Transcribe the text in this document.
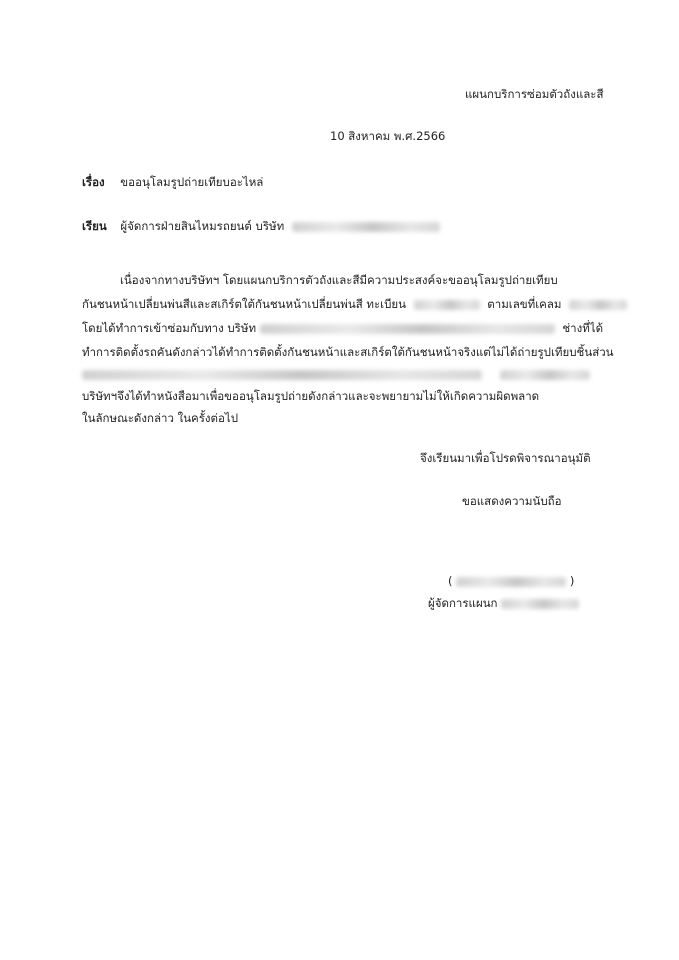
แผนกบริการซ่อมตัวถังและสี
10 สิงหาคม พ.ศ.2566
เรื่อง ขออนุโลมรูปถ่ายเทียบอะไหล่
เรียน ผู้จัดการฝ่ายสินไหมรถยนต์ บริษัท
เนื่องจากทางบริษัทฯ โดยแผนกบริการตัวถังและสีมีความประสงค์จะขออนุโลมรูปถ่ายเทียบ
กันชนหน้าเปลี่ยนพ่นสีและสเกิร์ตใต้กันชนหน้าเปลี่ยนพ่นสี ทะเบียน	ตามเลขที่เคลม
โดยได้ทำการเข้าซ่อมกับทาง บริษัท	ช่างที่ได้
ทำการติดตั้งรถคันดังกล่าวได้ทำการติดตั้งกันชนหน้าและสเกิร์ตใต้กันชนหน้าจริงแต่ไม่ได้ถ่ายรูปเทียบชิ้นส่วน

บริษัทฯจึงได้ทำหนังสือมาเพื่อขออนุโลมรูปถ่ายดังกล่าวและจะพยายามไม่ให้เกิดความผิดพลาด
ในลักษณะดังกล่าว ในครั้งต่อไป
จึงเรียนมาเพื่อโปรดพิจารณาอนุมัติ
ขอแสดงความนับถือ
(	)
ผู้จัดการแผนก
